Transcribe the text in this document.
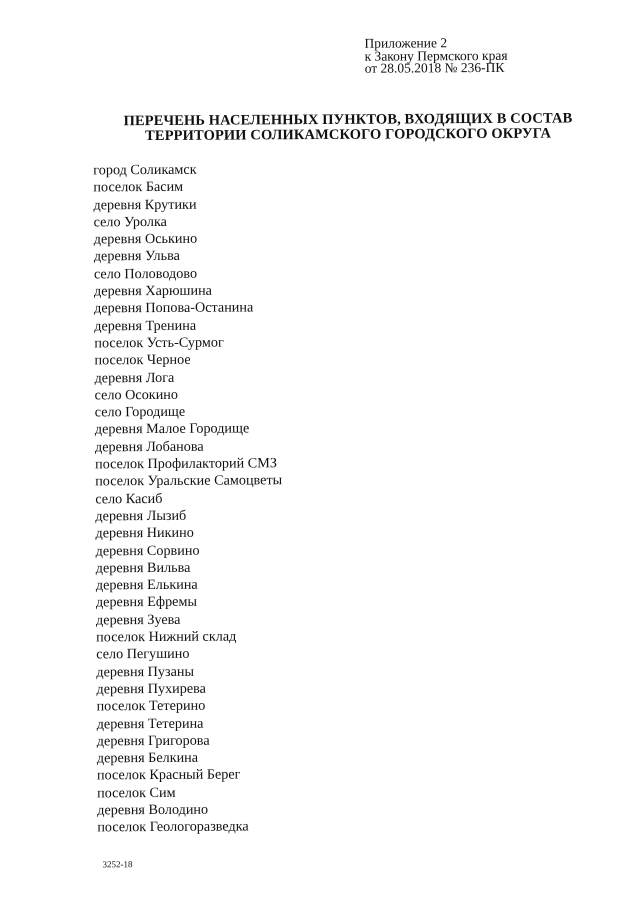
Приложение 2
к Закону Пермского края
от 28.05.2018 № 236-ПК
ПЕРЕЧЕНЬ НАСЕЛЕННЫХ ПУНКТОВ, ВХОДЯЩИХ В СОСТАВ
ТЕРРИТОРИИ СОЛИКАМСКОГО ГОРОДСКОГО ОКРУГА
город Соликамск
поселок Басим
деревня Крутики
село Уролка
деревня Оськино
деревня Ульва
село Половодово
деревня Харюшина
деревня Попова-Останина
деревня Тренина
поселок Усть-Сурмог
поселок Черное
деревня Лога
село Осокино
село Городище
деревня Малое Городище
деревня Лобанова
поселок Профилакторий СМЗ
поселок Уральские Самоцветы
село Касиб
деревня Лызиб
деревня Никино
деревня Сорвино
деревня Вильва
деревня Елькина
деревня Ефремы
деревня Зуева
поселок Нижний склад
село Пегушино
деревня Пузаны
деревня Пухирева
поселок Тетерино
деревня Тетерина
деревня Григорова
деревня Белкина
поселок Красный Берег
поселок Сим
деревня Володино
поселок Геологоразведка
3252-18
